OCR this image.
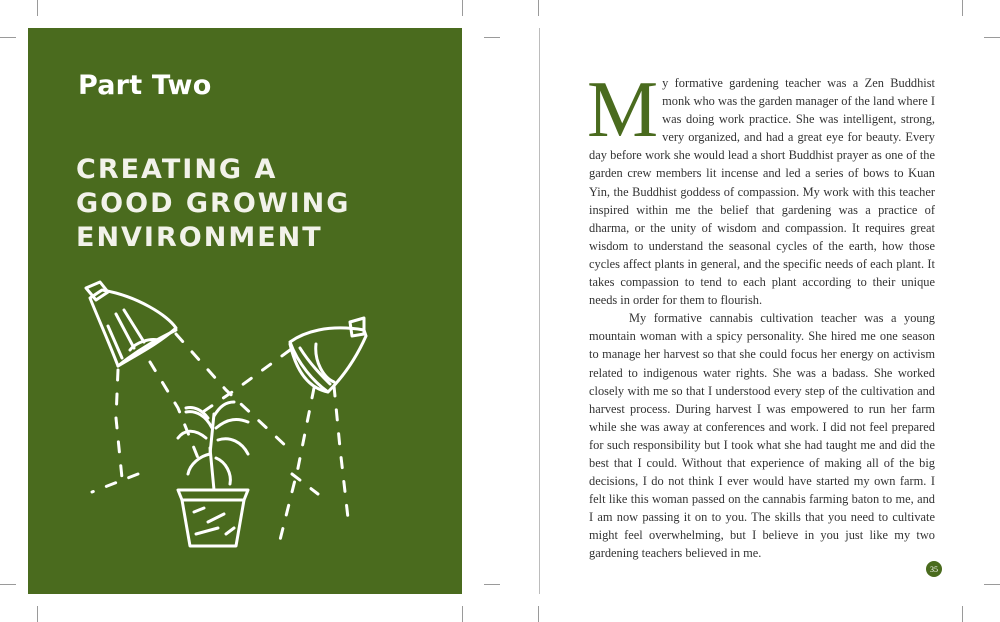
Part Two
CREATING A
GOOD GROWING
ENVIRONMENT

My formative gardening teacher was a Zen Buddhist monk who was the garden manager of the land where I was doing work practice. She was intelligent, strong, very organized, and had a great eye for beauty. Every day before work she would lead a short Buddhist prayer as one of the garden crew members lit incense and led a series of bows to Kuan Yin, the Buddhist goddess of compassion. My work with this teacher inspired within me the belief that gardening was a practice of dharma, or the unity of wisdom and compassion. It requires great wisdom to understand the seasonal cycles of the earth, how those cycles affect plants in general, and the specific needs of each plant. It takes compassion to tend to each plant according to their unique needs in order for them to flourish.

My formative cannabis cultivation teacher was a young mountain woman with a spicy personality. She hired me one season to manage her harvest so that she could focus her energy on activism related to indigenous water rights. She was a badass. She worked closely with me so that I understood every step of the cultivation and harvest process. During harvest I was empowered to run her farm while she was away at conferences and work. I did not feel prepared for such responsibility but I took what she had taught me and did the best that I could. Without that experience of making all of the big decisions, I do not think I ever would have started my own farm. I felt like this woman passed on the cannabis farming baton to me, and I am now passing it on to you. The skills that you need to cultivate might feel overwhelming, but I believe in you just like my two gardening teachers believed in me.

35
